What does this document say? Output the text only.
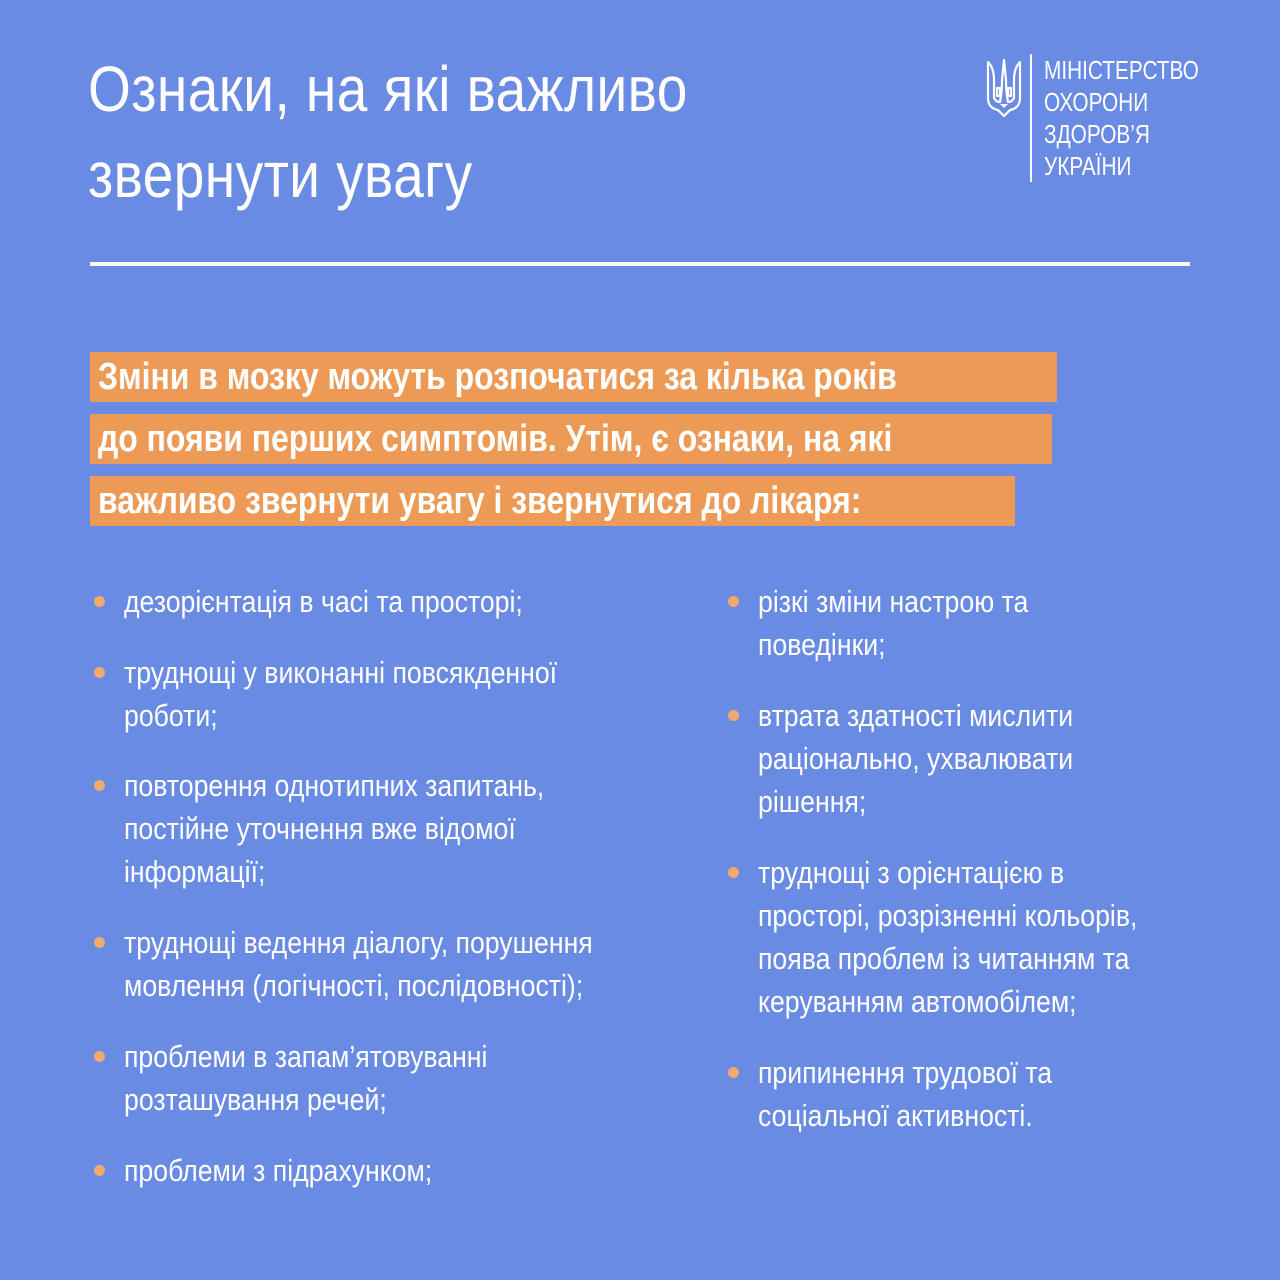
Ознаки, на які важливо
звернути увагу
МІНІСТЕРСТВО
ОХОРОНИ
ЗДОРОВ’Я
УКРАЇНИ
Зміни в мозку можуть розпочатися за кілька років
до появи перших симптомів. Утім, є ознаки, на які
важливо звернути увагу і звернутися до лікаря:
дезорієнтація в часі та просторі;
труднощі у виконанні повсякденної
роботи;
повторення однотипних запитань,
постійне уточнення вже відомої
інформації;
труднощі ведення діалогу, порушення
мовлення (логічності, послідовності);
проблеми в запам’ятовуванні
розташування речей;
проблеми з підрахунком;
різкі зміни настрою та
поведінки;
втрата здатності мислити
раціонально, ухвалювати
рішення;
труднощі з орієнтацією в
просторі, розрізненні кольорів,
поява проблем із читанням та
керуванням автомобілем;
припинення трудової та
соціальної активності.
